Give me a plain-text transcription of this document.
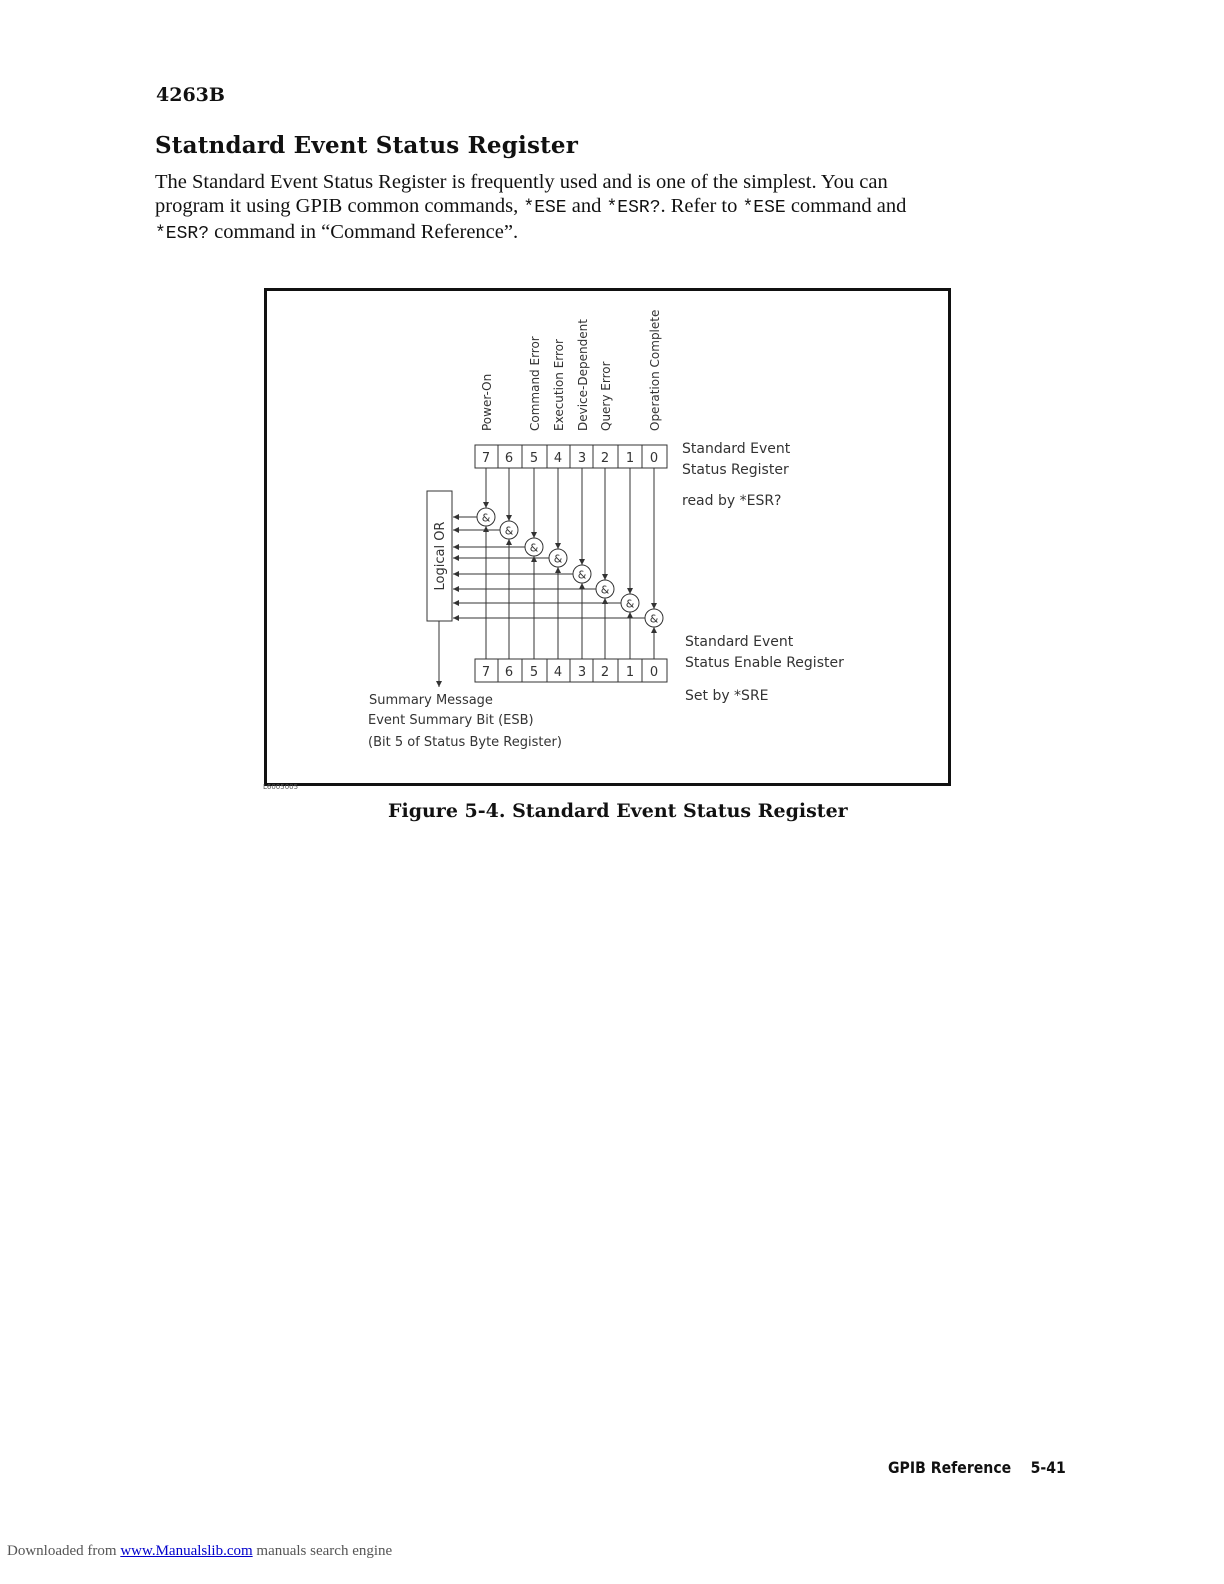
4263B
Statndard Event Status Register
The Standard Event Status Register is frequently used and is one of the simplest. You can
program it using GPIB common commands, *ESE and *ESR?. Refer to *ESE command and
*ESR? command in “Command Reference”.
7 6 5 4 3 2 1 0
7 6 5 4 3 2 1 0
&
&
&
&
&
&
&
&
Logical OR
Power-On	Command Error Execution Error Device-Dependent Query Error	Operation Complete
Standard Event
Status Register
read by *ESR?
Standard Event
Status Enable Register
Set by *SRE
Summary Message
Event Summary Bit (ESB)
(Bit 5 of Status Byte Register)
L6005005
Figure 5-4. Standard Event Status Register
GPIB Reference 5-41
Downloaded from www.Manualslib.com manuals search engine
